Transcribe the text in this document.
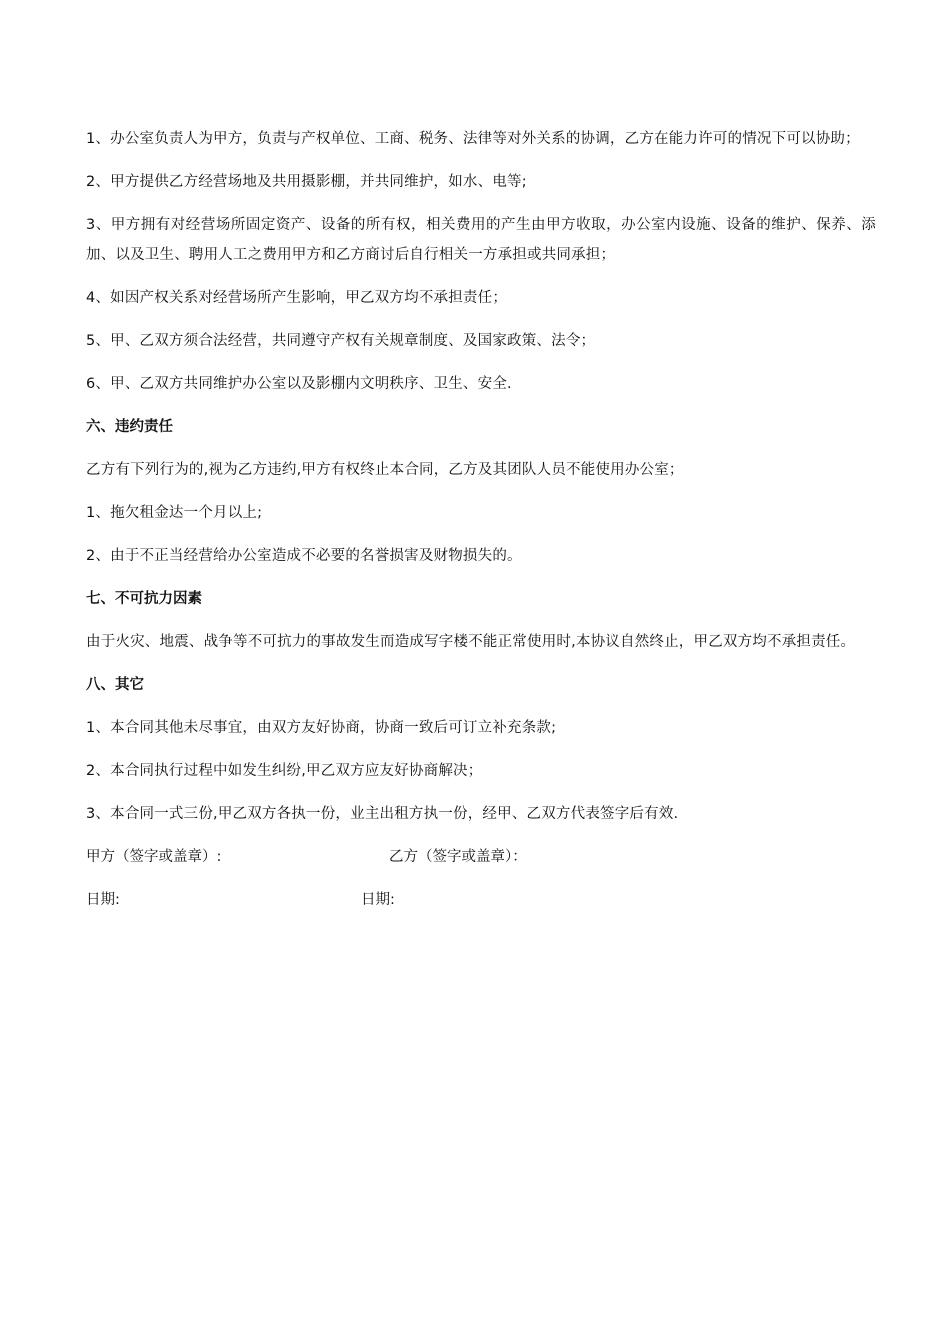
1、办公室负责人为甲方，负责与产权单位、工商、税务、法律等对外关系的协调，乙方在能力许可的情况下可以协助；

2、甲方提供乙方经营场地及共用摄影棚，并共同维护，如水、电等;

3、甲方拥有对经营场所固定资产、设备的所有权，相关费用的产生由甲方收取，办公室内设施、设备的维护、保养、添加、以及卫生、聘用人工之费用甲方和乙方商讨后自行相关一方承担或共同承担；

4、如因产权关系对经营场所产生影响，甲乙双方均不承担责任；

5、甲、乙双方须合法经营，共同遵守产权有关规章制度、及国家政策、法令；

6、甲、乙双方共同维护办公室以及影棚内文明秩序、卫生、安全.

六、违约责任

乙方有下列行为的,视为乙方违约,甲方有权终止本合同，乙方及其团队人员不能使用办公室；

1、拖欠租金达一个月以上;

2、由于不正当经营给办公室造成不必要的名誉损害及财物损失的。

七、不可抗力因素

由于火灾、地震、战争等不可抗力的事故发生而造成写字楼不能正常使用时,本协议自然终止，甲乙双方均不承担责任。

八、其它

1、本合同其他未尽事宜，由双方友好协商，协商一致后可订立补充条款;

2、本合同执行过程中如发生纠纷,甲乙双方应友好协商解决；

3、本合同一式三份,甲乙双方各执一份，业主出租方执一份，经甲、乙双方代表签字后有效.

甲方（签字或盖章）:	乙方（签字或盖章）：
日期:	日期:
